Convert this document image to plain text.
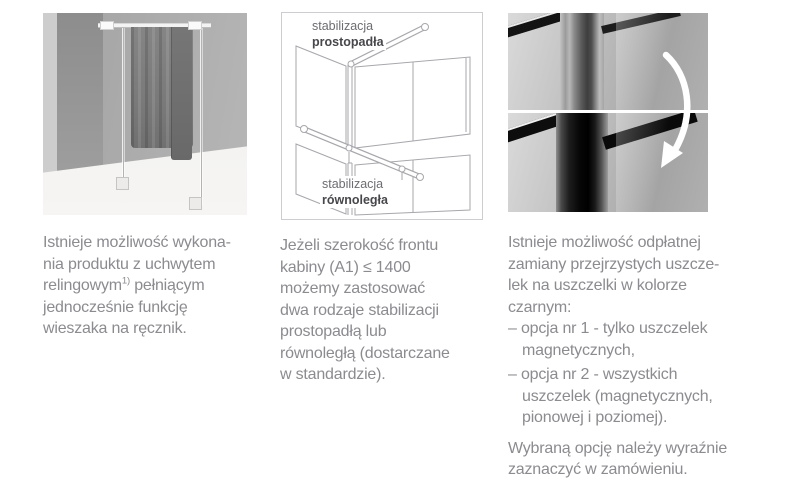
stabilizacja
prostopadła
stabilizacja
równoległa
Istnieje możliwość wykona-
nia produktu z uchwytem
relingowym$^{1)}$ pełniącym
jednocześnie funkcję
wieszaka na ręcznik.
Jeżeli szerokość frontu
kabiny (A1) ≤ 1400
możemy zastosować
dwa rodzaje stabilizacji
prostopadłą lub
równoległą (dostarczane
w standardzie).
Istnieje możliwość odpłatnej
zamiany przejrzystych uszcze-
lek na uszczelki w kolorze
czarnym:
– opcja nr 1 - tylko uszczelek
magnetycznych,
– opcja nr 2 - wszystkich
uszczelek (magnetycznych,
pionowej i poziomej).
Wybraną opcję należy wyraźnie
zaznaczyć w zamówieniu.
